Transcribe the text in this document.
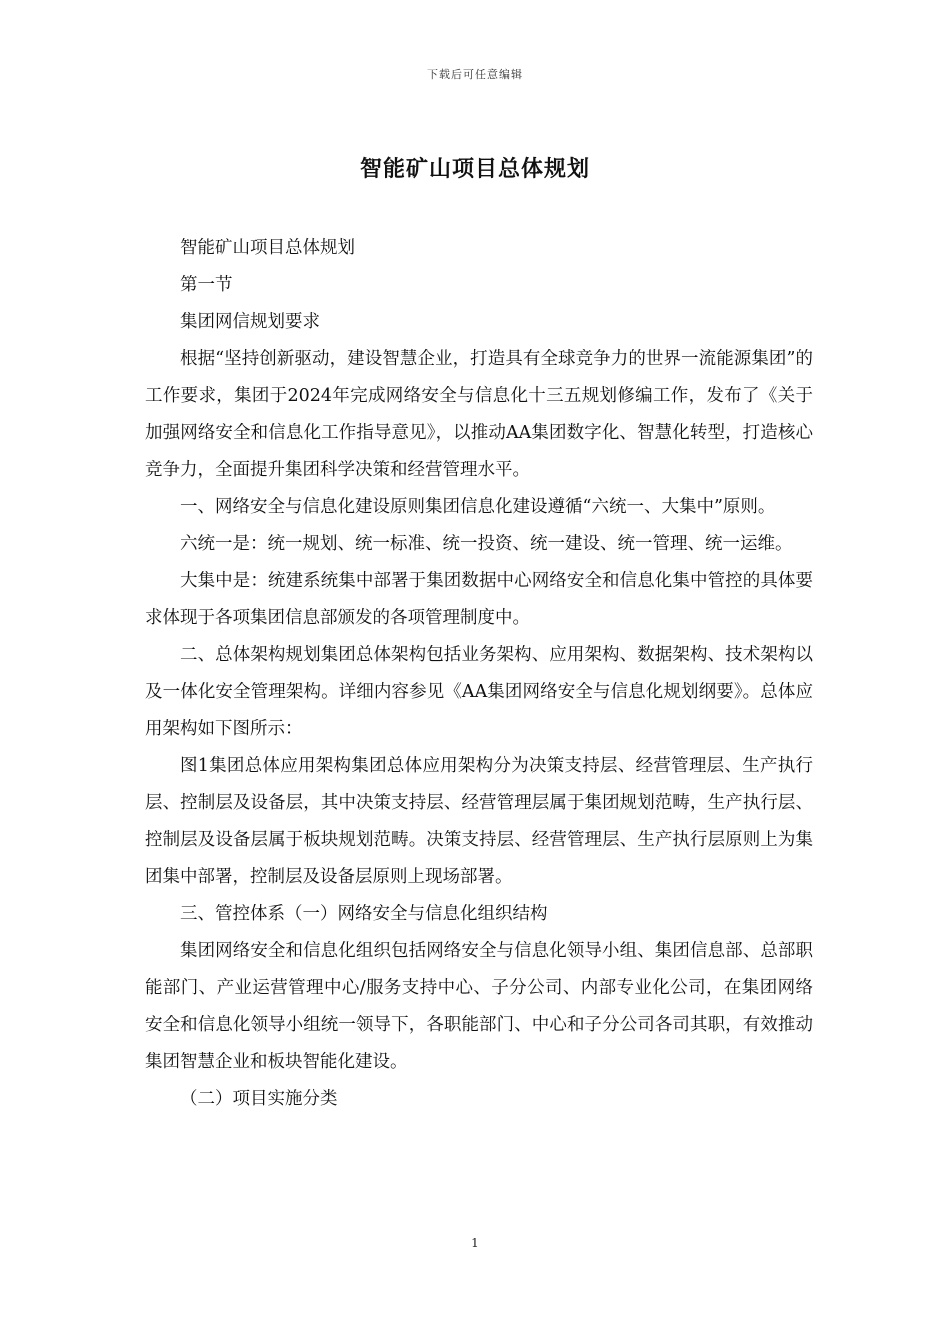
下载后可任意编辑
智能矿山项目总体规划

智能矿山项目总体规划

第一节

集团网信规划要求

根据“坚持创新驱动，建设智慧企业，打造具有全球竞争力的世界一流能源集团”的工作要求，集团于2024年完成网络安全与信息化十三五规划修编工作，发布了《关于加强网络安全和信息化工作指导意见》，以推动AA集团数字化、智慧化转型，打造核心竞争力，全面提升集团科学决策和经营管理水平。

一、网络安全与信息化建设原则集团信息化建设遵循“六统一、大集中”原则。

六统一是：统一规划、统一标准、统一投资、统一建设、统一管理、统一运维。

大集中是：统建系统集中部署于集团数据中心网络安全和信息化集中管控的具体要求体现于各项集团信息部颁发的各项管理制度中。

二、总体架构规划集团总体架构包括业务架构、应用架构、数据架构、技术架构以及一体化安全管理架构。详细内容参见《AA集团网络安全与信息化规划纲要》。总体应用架构如下图所示：

图1集团总体应用架构集团总体应用架构分为决策支持层、经营管理层、生产执行层、控制层及设备层，其中决策支持层、经营管理层属于集团规划范畴，生产执行层、控制层及设备层属于板块规划范畴。决策支持层、经营管理层、生产执行层原则上为集团集中部署，控制层及设备层原则上现场部署。

三、管控体系（一）网络安全与信息化组织结构

集团网络安全和信息化组织包括网络安全与信息化领导小组、集团信息部、总部职能部门、产业运营管理中心/服务支持中心、子分公司、内部专业化公司，在集团网络安全和信息化领导小组统一领导下，各职能部门、中心和子分公司各司其职，有效推动集团智慧企业和板块智能化建设。

（二）项目实施分类

1
